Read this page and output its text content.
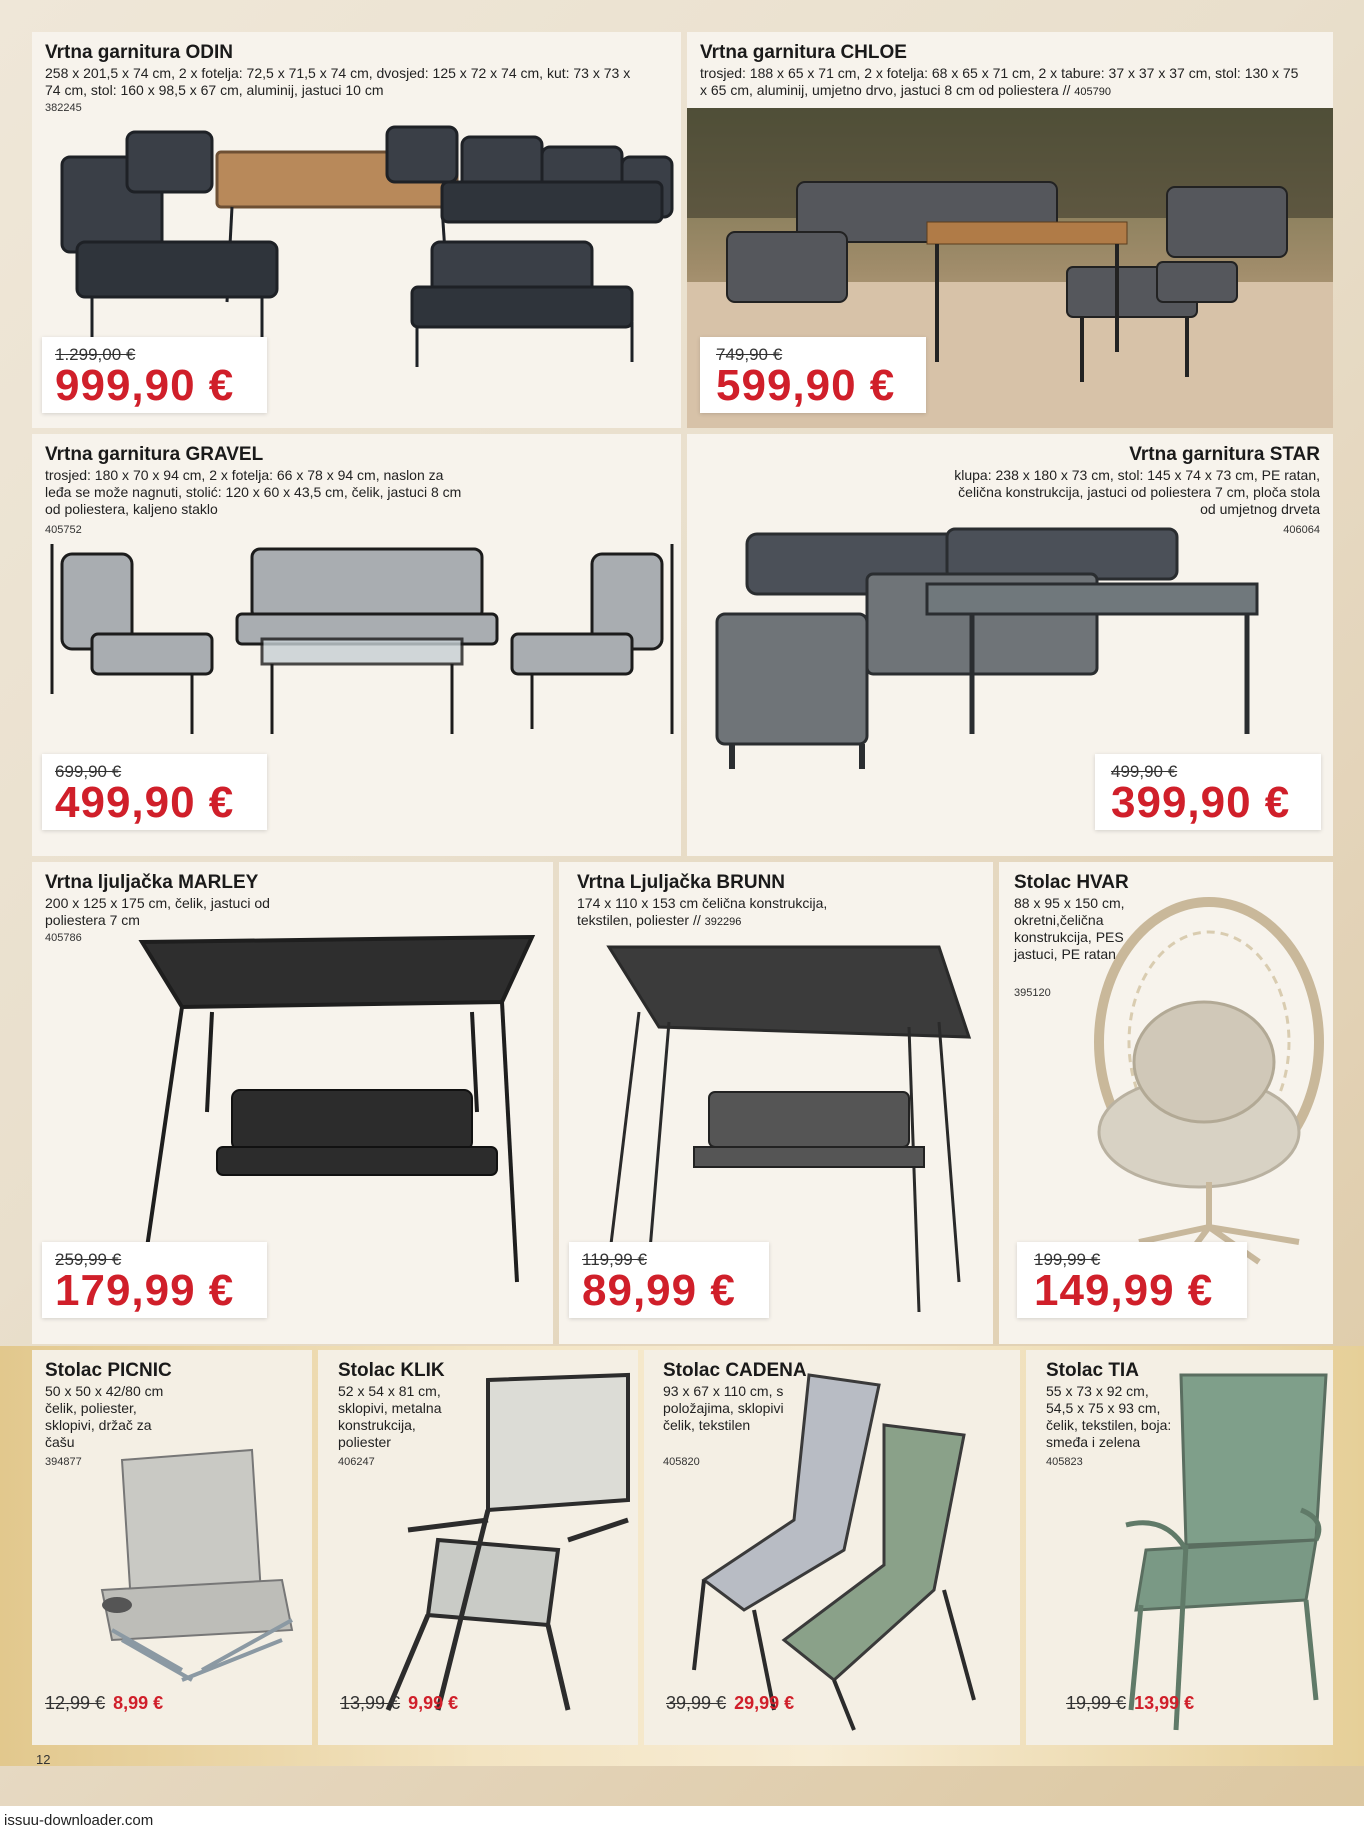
Vrtna garnitura ODIN
258 x 201,5 x 74 cm, 2 x fotelja: 72,5 x 71,5 x 74 cm, dvosjed: 125 x 72 x 74 cm, kut: 73 x 73 x 74 cm, stol: 160 x 98,5 x 67 cm, aluminij, jastuci 10 cm
382245
1.299,00 €
999,90 €
Vrtna garnitura CHLOE
trosjed: 188 x 65 x 71 cm, 2 x fotelja: 68 x 65 x 71 cm, 2 x tabure: 37 x 37 x 37 cm, stol: 130 x 75 x 65 cm, aluminij, umjetno drvo, jastuci 8 cm od poliestera // 405790
749,90 €
599,90 €
Vrtna garnitura GRAVEL
trosjed: 180 x 70 x 94 cm, 2 x fotelja: 66 x 78 x 94 cm, naslon za leđa se može nagnuti, stolić: 120 x 60 x 43,5 cm, čelik, jastuci 8 cm od poliestera, kaljeno staklo
405752
699,90 €
499,90 €
Vrtna garnitura STAR
klupa: 238 x 180 x 73 cm, stol: 145 x 74 x 73 cm, PE ratan, čelična konstrukcija, jastuci od poliestera 7 cm, ploča stola od umjetnog drveta
406064
499,90 €
399,90 €
Vrtna ljuljačka MARLEY
200 x 125 x 175 cm, čelik, jastuci od poliestera 7 cm
405786
259,99 €
179,99 €
Vrtna Ljuljačka BRUNN
174 x 110 x 153 cm čelična konstrukcija, tekstilen, poliester // 392296
119,99 €
89,99 €
Stolac HVAR
88 x 95 x 150 cm, okretni,čelična konstrukcija, PES jastuci, PE ratan
395120
199,99 €
149,99 €
Stolac PICNIC
50 x 50 x 42/80 cm čelik, poliester, sklopivi, držač za čašu
394877
12,99 € 8,99 €
Stolac KLIK
52 x 54 x 81 cm, sklopivi, metalna konstrukcija, poliester
406247
13,99 € 9,99 €
Stolac CADENA
93 x 67 x 110 cm, s položajima, sklopivi čelik, tekstilen
405820
39,99 € 29,99 €
Stolac TIA
55 x 73 x 92 cm, 54,5 x 75 x 93 cm, čelik, tekstilen, boja: smeđa i zelena
405823
19,99 € 13,99 €
12
issuu-downloader.com
